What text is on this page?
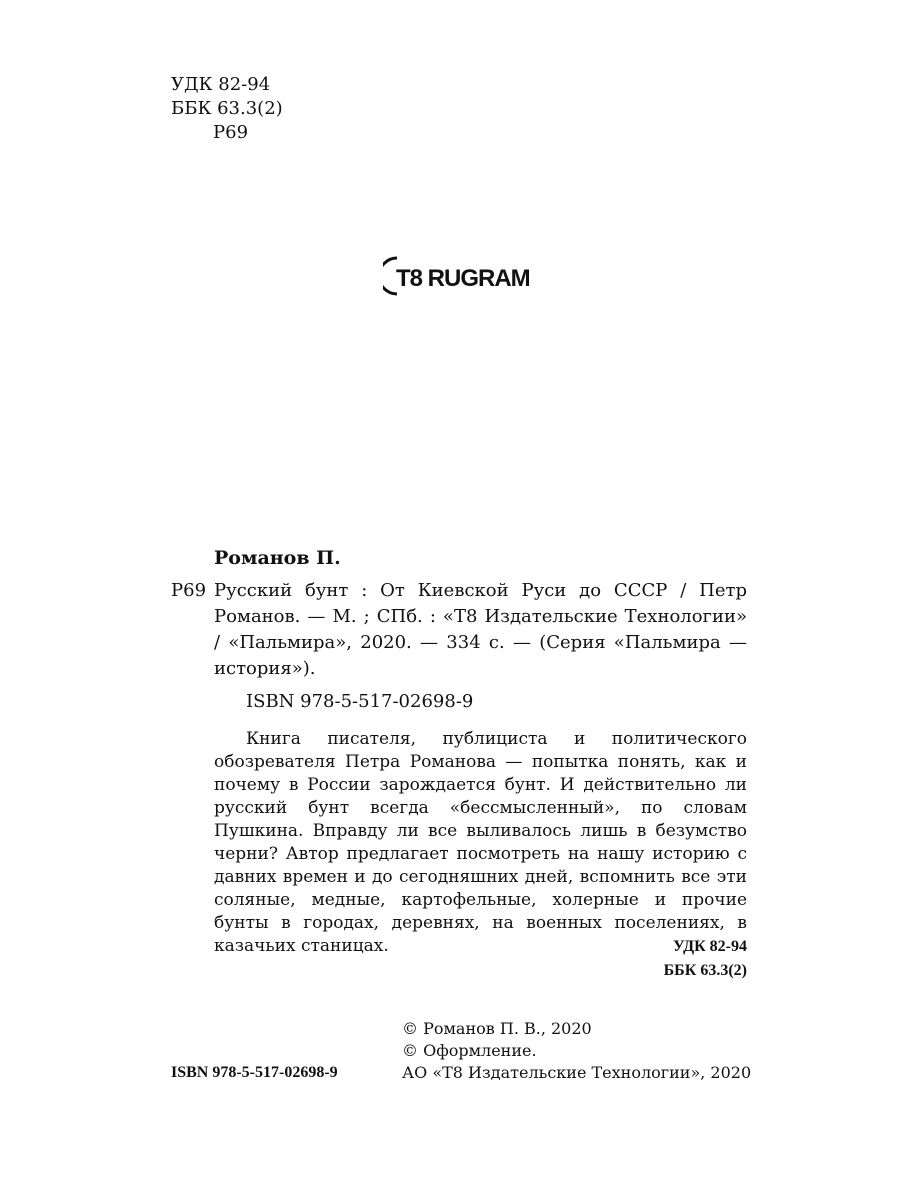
УДК 82-94
ББК 63.3(2)
Р69
T8 RUGRAM
Романов П.
Р69 Русский бунт : От Киевской Руси до СССР / Петр Романов. — М. ; СПб. : «Т8 Издательские Технологии» / «Пальмира», 2020. — 334 с. — (Серия «Пальмира — история»).

ISBN 978-5-517-02698-9

Книга писателя, публициста и политического обозревателя Петра Романова — попытка понять, как и почему в России зарождается бунт. И действительно ли русский бунт всегда «бессмысленный», по словам Пушкина. Вправду ли все выливалось лишь в безумство черни? Автор предлагает посмотреть на нашу историю с давних времен и до сегодняшних дней, вспомнить все эти соляные, медные, картофельные, холерные и прочие бунты в городах, деревнях, на военных поселениях, в казачьих станицах.	УДК 82-94
ББК 63.3(2)
© Романов П. В., 2020
© Оформление.
АО «Т8 Издательские Технологии», 2020
ISBN 978-5-517-02698-9
